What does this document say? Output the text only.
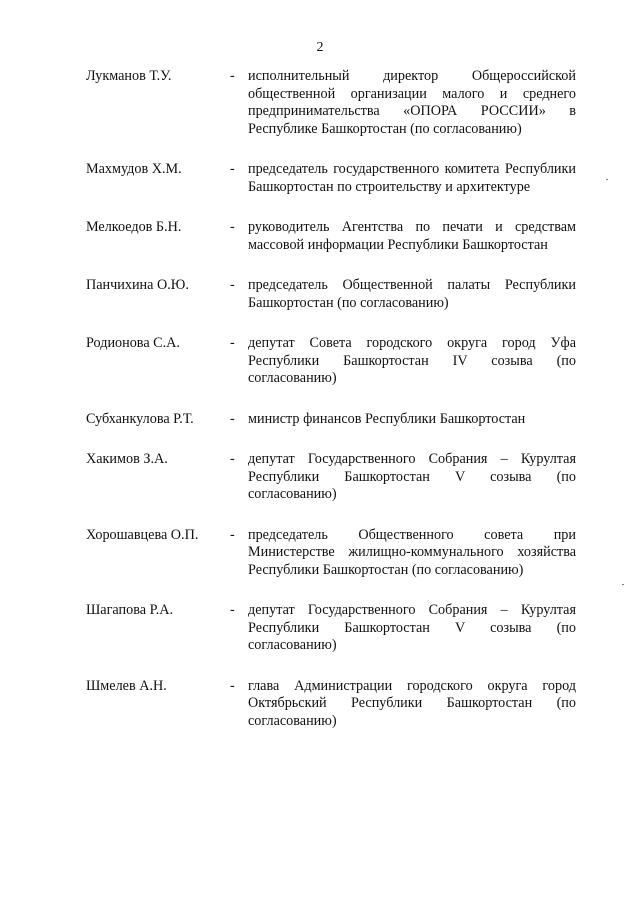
2
Лукманов Т.У.	- исполнительный директор Общероссийской общественной организации малого и среднего предпринимательства «ОПОРА РОССИИ» в Республике Башкортостан (по согласованию)
Махмудов Х.М.	- председатель государственного комитета Республики Башкортостан по строительству и архитектуре
Мелкоедов Б.Н.	- руководитель Агентства по печати и средствам массовой информации Республики Башкортостан
Панчихина О.Ю.	- председатель Общественной палаты Республики Башкортостан (по согласованию)
Родионова С.А.	- депутат Совета городского округа город Уфа Республики Башкортостан IV созыва (по согласованию)
Субханкулова Р.Т.	- министр финансов Республики Башкортостан
Хакимов З.А.	- депутат Государственного Собрания – Курултая Республики Башкортостан V созыва (по согласованию)
Хорошавцева О.П.	- председатель Общественного совета при Министерстве жилищно-коммунального хозяйства Республики Башкортостан (по согласованию)
Шагапова Р.А.	- депутат Государственного Собрания – Курултая Республики Башкортостан V созыва (по согласованию)
Шмелев А.Н.	- глава Администрации городского округа город Октябрьский Республики Башкортостан (по согласованию)
